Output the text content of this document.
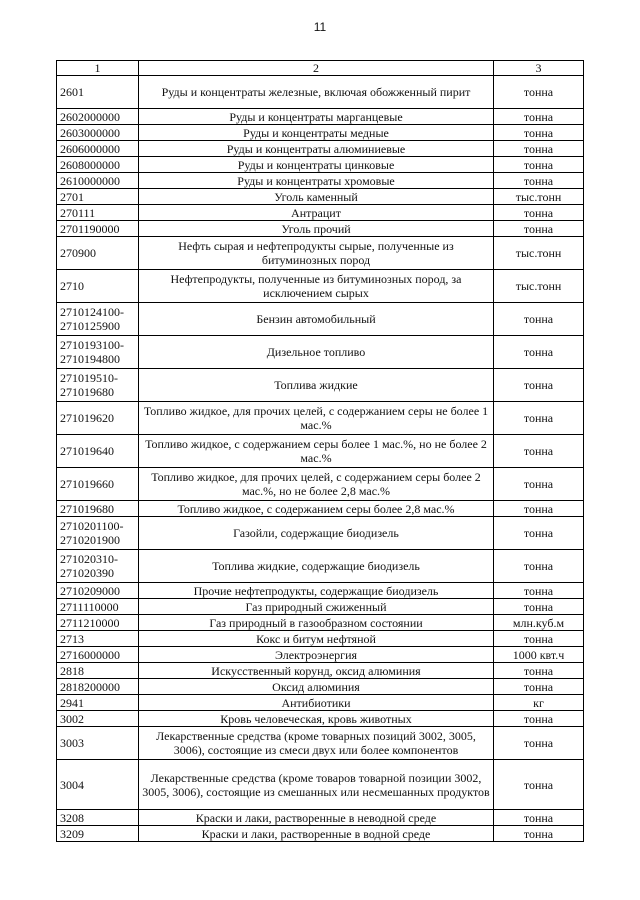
11
1	2	3
2601	Руды и концентраты железные, включая обожженный пирит	тонна
2602000000	Руды и концентраты марганцевые	тонна
2603000000	Руды и концентраты медные	тонна
2606000000	Руды и концентраты алюминиевые	тонна
2608000000	Руды и концентраты цинковые	тонна
2610000000	Руды и концентраты хромовые	тонна
2701	Уголь каменный	тыс.тонн
270111	Антрацит	тонна
2701190000	Уголь прочий	тонна
270900	Нефть сырая и нефтепродукты сырые, полученные из битуминозных пород	тыс.тонн
2710	Нефтепродукты, полученные из битуминозных пород, за исключением сырых	тыс.тонн
2710124100-2710125900	Бензин автомобильный	тонна
2710193100-2710194800	Дизельное топливо	тонна
271019510-271019680	Топлива жидкие	тонна
271019620	Топливо жидкое, для прочих целей, с содержанием серы не более 1 мас.%	тонна
271019640	Топливо жидкое, с содержанием серы более 1 мас.%, но не более 2 мас.%	тонна
271019660	Топливо жидкое, для прочих целей, с содержанием серы более 2 мас.%, но не более 2,8 мас.%	тонна
271019680	Топливо жидкое, с содержанием серы более 2,8 мас.%	тонна
2710201100-2710201900	Газойли, содержащие биодизель	тонна
271020310-271020390	Топлива жидкие, содержащие биодизель	тонна
2710209000	Прочие нефтепродукты, содержащие биодизель	тонна
2711110000	Газ природный сжиженный	тонна
2711210000	Газ природный в газообразном состоянии	млн.куб.м
2713	Кокс и битум нефтяной	тонна
2716000000	Электроэнергия	1000 квт.ч
2818	Искусственный корунд, оксид алюминия	тонна
2818200000	Оксид алюминия	тонна
2941	Антибиотики	кг
3002	Кровь человеческая, кровь животных	тонна
3003	Лекарственные средства (кроме товарных позиций 3002, 3005, 3006), состоящие из смеси двух или более компонентов	тонна
3004	Лекарственные средства (кроме товаров товарной позиции 3002, 3005, 3006), состоящие из смешанных или несмешанных продуктов	тонна
3208	Краски и лаки, растворенные в неводной среде	тонна
3209	Краски и лаки, растворенные в водной среде	тонна
